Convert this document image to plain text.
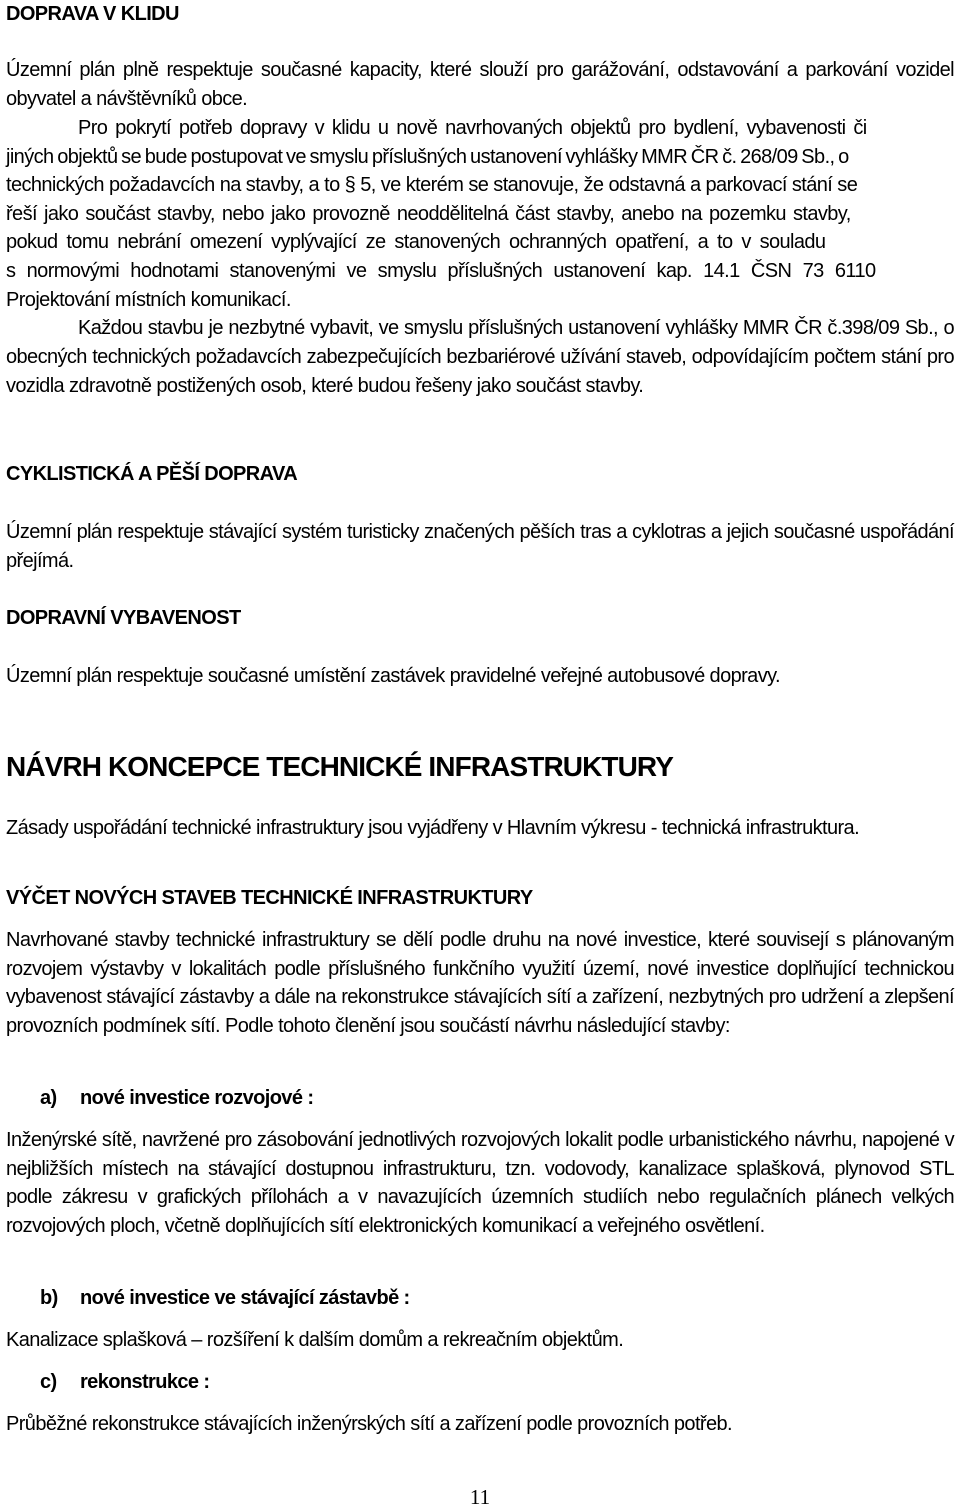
DOPRAVA V KLIDU

Územní plán plně respektuje současné kapacity, které slouží pro garážování, odstavování a parkování vozidel obyvatel a návštěvníků obce.

Pro pokrytí potřeb dopravy v klidu u nově navrhovaných objektů pro bydlení, vybavenosti či
jiných objektů se bude postupovat ve smyslu příslušných ustanovení vyhlášky MMR ČR č. 268/09 Sb., o
technických požadavcích na stavby, a to § 5, ve kterém se stanovuje, že odstavná a parkovací stání se
řeší jako součást stavby, nebo jako provozně neoddělitelná část stavby, anebo na pozemku stavby,
pokud tomu nebrání omezení vyplývající ze stanovených ochranných opatření, a to v souladu
s normovými hodnotami stanovenými ve smyslu příslušných ustanovení kap. 14.1 ČSN 73 6110
Projektování místních komunikací.

Každou stavbu je nezbytné vybavit, ve smyslu příslušných ustanovení vyhlášky MMR ČR č.398/09 Sb., o obecných technických požadavcích zabezpečujících bezbariérové užívání staveb, odpovídajícím počtem stání pro vozidla zdravotně postižených osob, které budou řešeny jako součást stavby.

CYKLISTICKÁ A PĚŠÍ DOPRAVA

Územní plán respektuje stávající systém turisticky značených pěších tras a cyklotras a jejich současné uspořádání přejímá.

DOPRAVNÍ VYBAVENOST

Územní plán respektuje současné umístění zastávek pravidelné veřejné autobusové dopravy.

NÁVRH KONCEPCE TECHNICKÉ INFRASTRUKTURY

Zásady uspořádání technické infrastruktury jsou vyjádřeny v Hlavním výkresu - technická infrastruktura.

VÝČET NOVÝCH STAVEB TECHNICKÉ INFRASTRUKTURY

Navrhované stavby technické infrastruktury se dělí podle druhu na nové investice, které souvisejí s plánovaným rozvojem výstavby v lokalitách podle příslušného funkčního využití území, nové investice doplňující technickou vybavenost stávající zástavby a dále na rekonstrukce stávajících sítí a zařízení, nezbytných pro udržení a zlepšení provozních podmínek sítí. Podle tohoto členění jsou součástí návrhu následující stavby:

a) nové investice rozvojové :

Inženýrské sítě, navržené pro zásobování jednotlivých rozvojových lokalit podle urbanistického návrhu, napojené v nejbližších místech na stávající dostupnou infrastrukturu, tzn. vodovody, kanalizace splašková, plynovod STL podle zákresu v grafických přílohách a v navazujících územních studiích nebo regulačních plánech velkých rozvojových ploch, včetně doplňujících sítí elektronických komunikací a veřejného osvětlení.

b) nové investice ve stávající zástavbě :

Kanalizace splašková – rozšíření k dalším domům a rekreačním objektům.

c) rekonstrukce :

Průběžné rekonstrukce stávajících inženýrských sítí a zařízení podle provozních potřeb.

11
